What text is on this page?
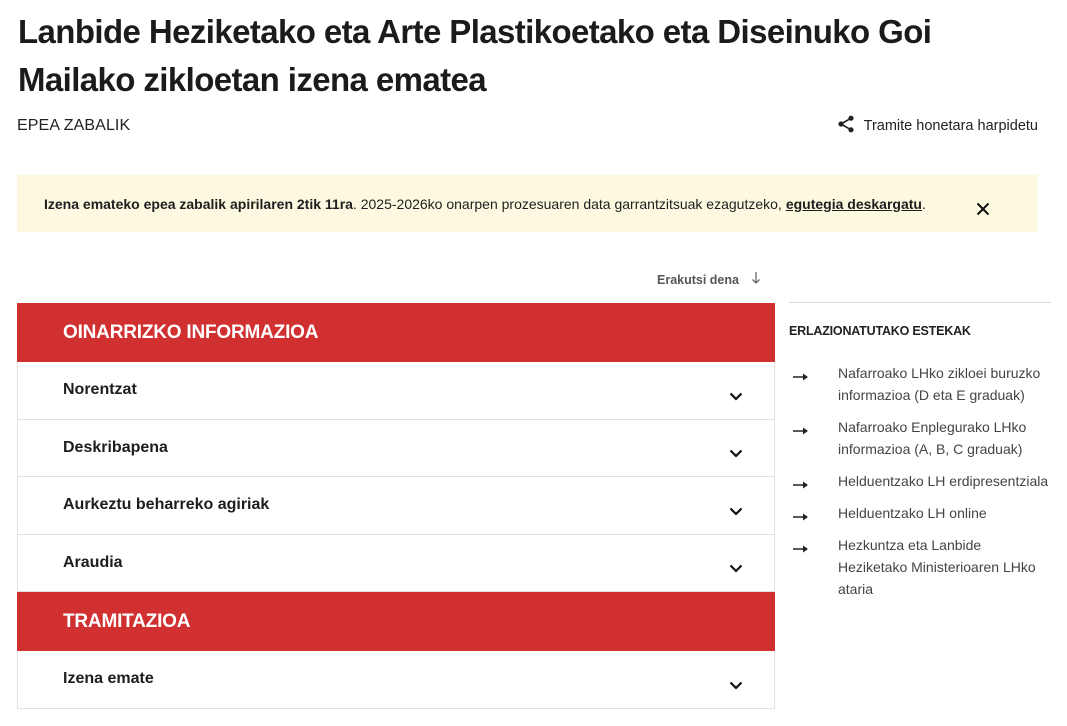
Lanbide Heziketako eta Arte Plastikoetako eta Diseinuko Goi Mailako zikloetan izena ematea
EPEA ZABALIK	Tramite honetara harpidetu
Izena emateko epea zabalik apirilaren 2tik 11ra. 2025-2026ko onarpen prozesuaren data garrantzitsuak ezagutzeko, egutegia deskargatu.
Erakutsi dena
OINARRIZKO INFORMAZIOA
Norentzat
Deskribapena
Aurkeztu beharreko agiriak
Araudia
TRAMITAZIOA
Izena emate
ERLAZIONATUTAKO ESTEKAK
Nafarroako LHko zikloei buruzko informazioa (D eta E graduak)
Nafarroako Enplegurako LHko informazioa (A, B, C graduak)
Helduentzako LH erdipresentziala
Helduentzako LH online
Hezkuntza eta Lanbide Heziketako Ministerioaren LHko ataria
